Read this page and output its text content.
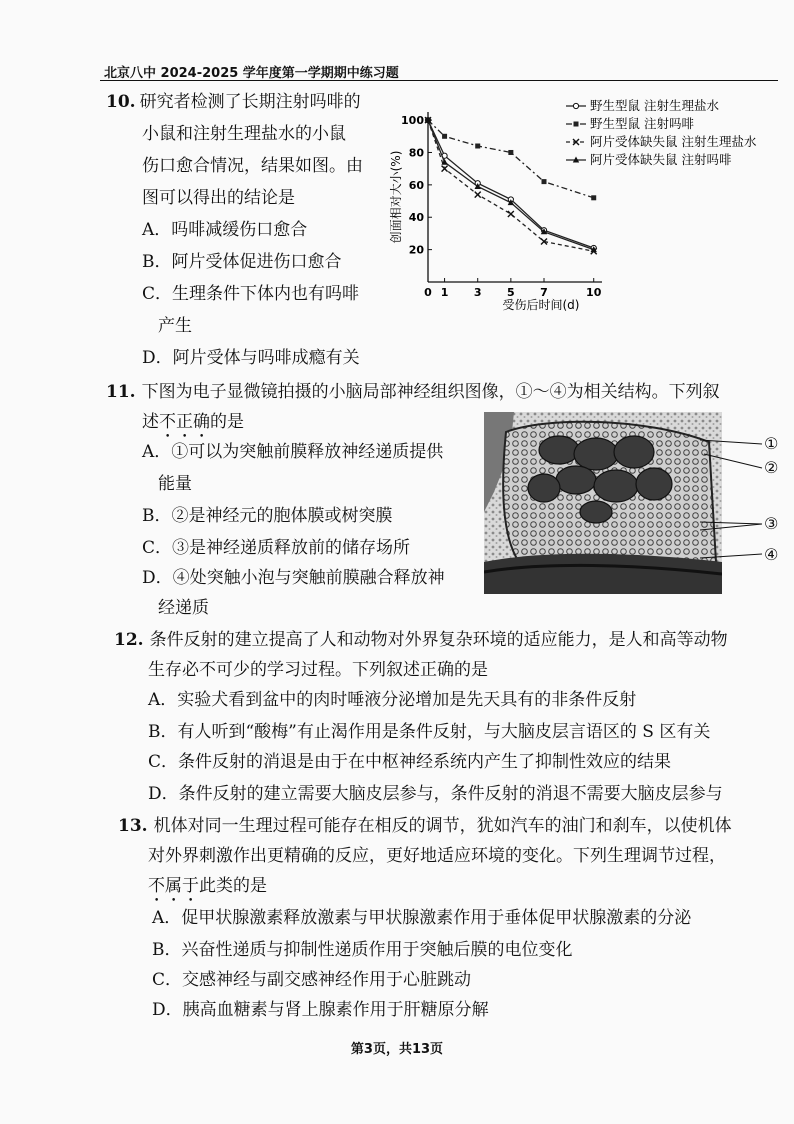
北京八中 2024-2025 学年度第一学期期中练习题
10. 研究者检测了长期注射吗啡的
小鼠和注射生理盐水的小鼠
伤口愈合情况，结果如图。由
图可以得出的结论是
A．吗啡减缓伤口愈合
B．阿片受体促进伤口愈合
C．生理条件下体内也有吗啡
产生
D．阿片受体与吗啡成瘾有关
0 1 3 5 7	10
20
40
60
80
100
野生型鼠 注射生理盐水
野生型鼠 注射吗啡
阿片受体缺失鼠 注射生理盐水
阿片受体缺失鼠 注射吗啡
受伤后时间(d)
创面相对大小(%)
11. 下图为电子显微镜拍摄的小脑局部神经组织图像，①～④为相关结构。下列叙
述不正确的是
A．①可以为突触前膜释放神经递质提供
能量
B．②是神经元的胞体膜或树突膜
C．③是神经递质释放前的储存场所
D．④处突触小泡与突触前膜融合释放神
经递质
①
②
③
④
12. 条件反射的建立提高了人和动物对外界复杂环境的适应能力，是人和高等动物
生存必不可少的学习过程。下列叙述正确的是
A．实验犬看到盆中的肉时唾液分泌增加是先天具有的非条件反射
B．有人听到“酸梅”有止渴作用是条件反射，与大脑皮层言语区的 S 区有关
C．条件反射的消退是由于在中枢神经系统内产生了抑制性效应的结果
D．条件反射的建立需要大脑皮层参与，条件反射的消退不需要大脑皮层参与
13. 机体对同一生理过程可能存在相反的调节，犹如汽车的油门和刹车，以使机体
对外界刺激作出更精确的反应，更好地适应环境的变化。下列生理调节过程，
不属于此类的是
A．促甲状腺激素释放激素与甲状腺激素作用于垂体促甲状腺激素的分泌
B．兴奋性递质与抑制性递质作用于突触后膜的电位变化
C．交感神经与副交感神经作用于心脏跳动
D．胰高血糖素与肾上腺素作用于肝糖原分解
第3页，共13页
